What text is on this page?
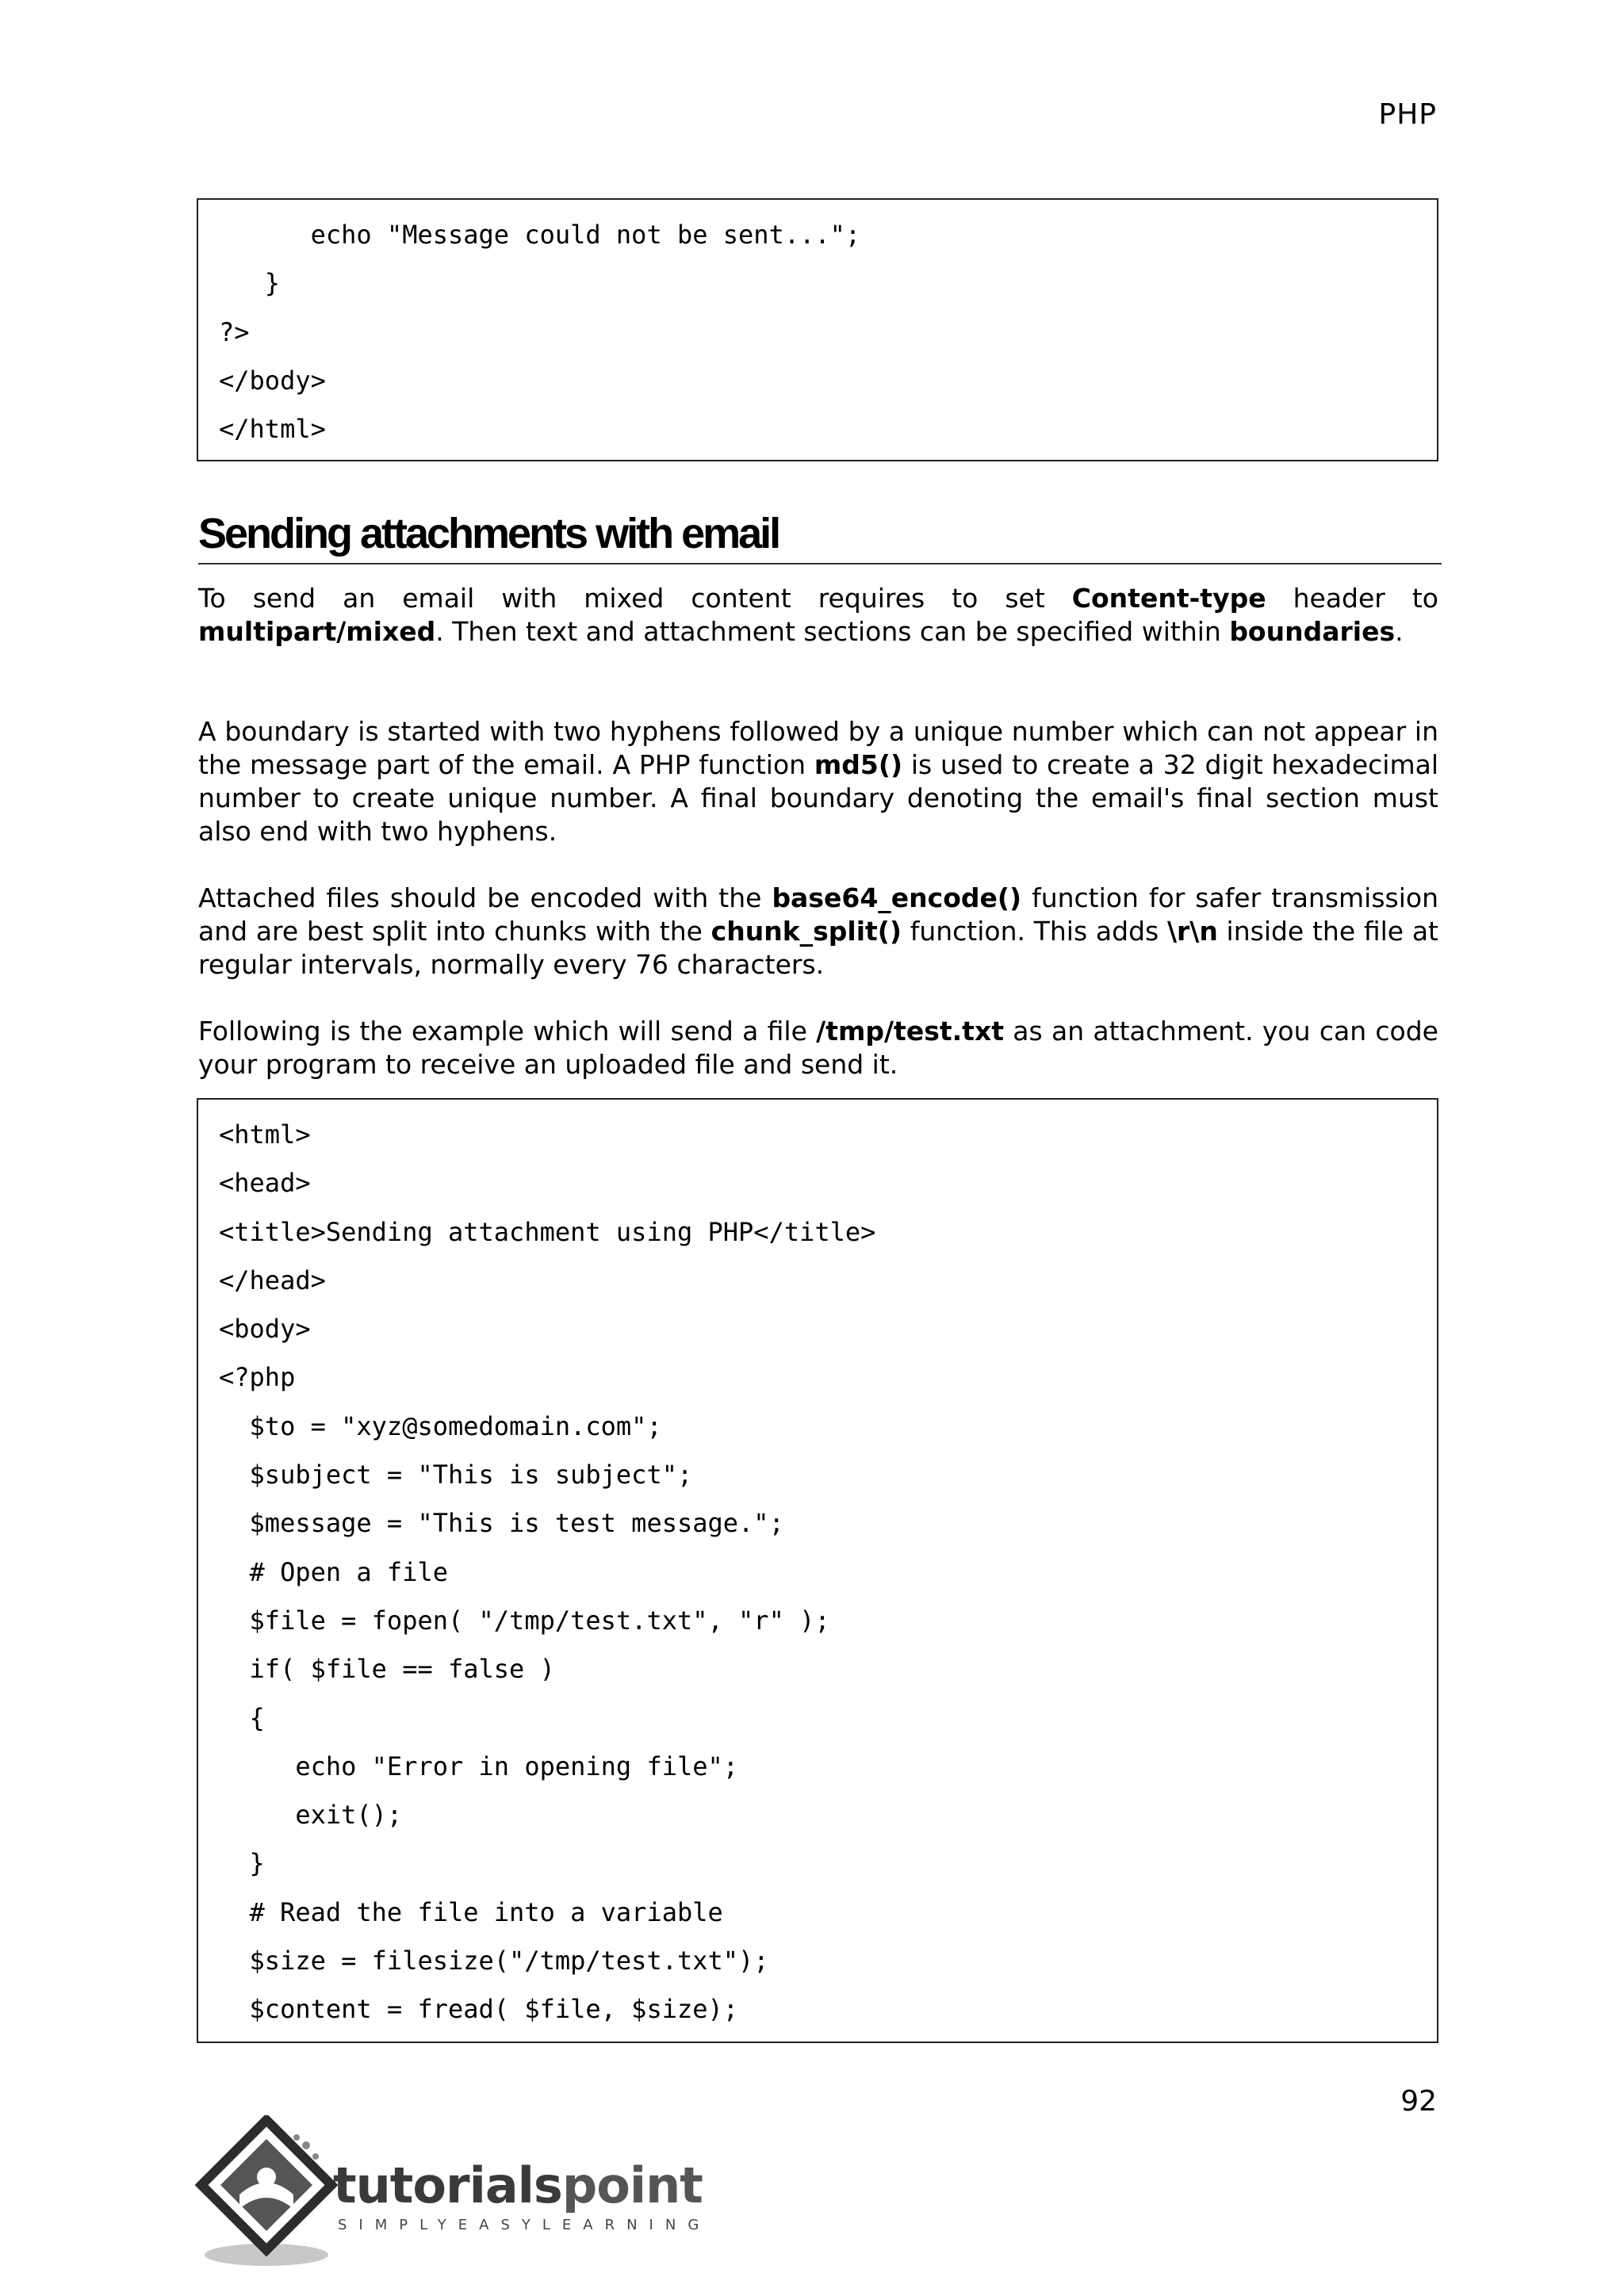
PHP
echo "Message could not be sent...";
}
?>
</body>
</html>
Sending attachments with email

To send an email with mixed content requires to set Content-type header to multipart/mixed. Then text and attachment sections can be specified within boundaries.

A boundary is started with two hyphens followed by a unique number which can not appear in the message part of the email. A PHP function md5() is used to create a 32 digit hexadecimal number to create unique number. A final boundary denoting the email's final section must also end with two hyphens.

Attached files should be encoded with the base64_encode() function for safer transmission and are best split into chunks with the chunk_split() function. This adds \r\n inside the file at regular intervals, normally every 76 characters.

Following is the example which will send a file /tmp/test.txt as an attachment. you can code your program to receive an uploaded file and send it.

<html>
<head>
<title>Sending attachment using PHP</title>
</head>
<body>
<?php
$to = "xyz@somedomain.com";
$subject = "This is subject";
$message = "This is test message.";
# Open a file
$file = fopen( "/tmp/test.txt", "r" );
if( $file == false )
{
echo "Error in opening file";
exit();
}
# Read the file into a variable
$size = filesize("/tmp/test.txt");
$content = fread( $file, $size);
92
tutorialspoint
SIMPLYEASYLEARNING
